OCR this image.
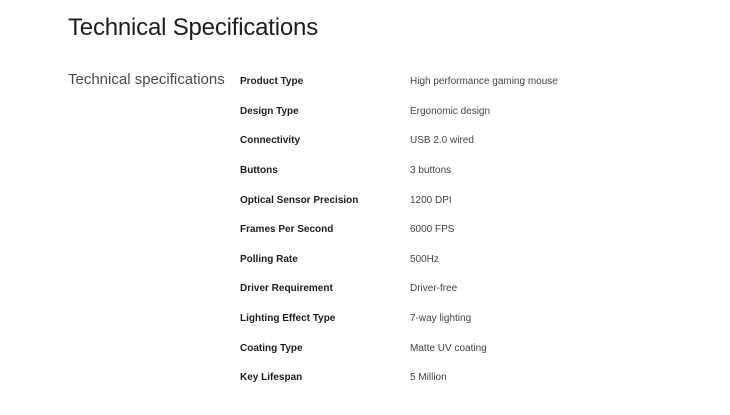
Technical Specifications
Technical specifications Product Type	High performance gaming mouse
Design Type	Ergonomic design
Connectivity	USB 2.0 wired
Buttons	3 buttons
Optical Sensor Precision	1200 DPI
Frames Per Second	6000 FPS
Polling Rate	500Hz
Driver Requirement	Driver-free
Lighting Effect Type	7-way lighting
Coating Type	Matte UV coating
Key Lifespan	5 Million
